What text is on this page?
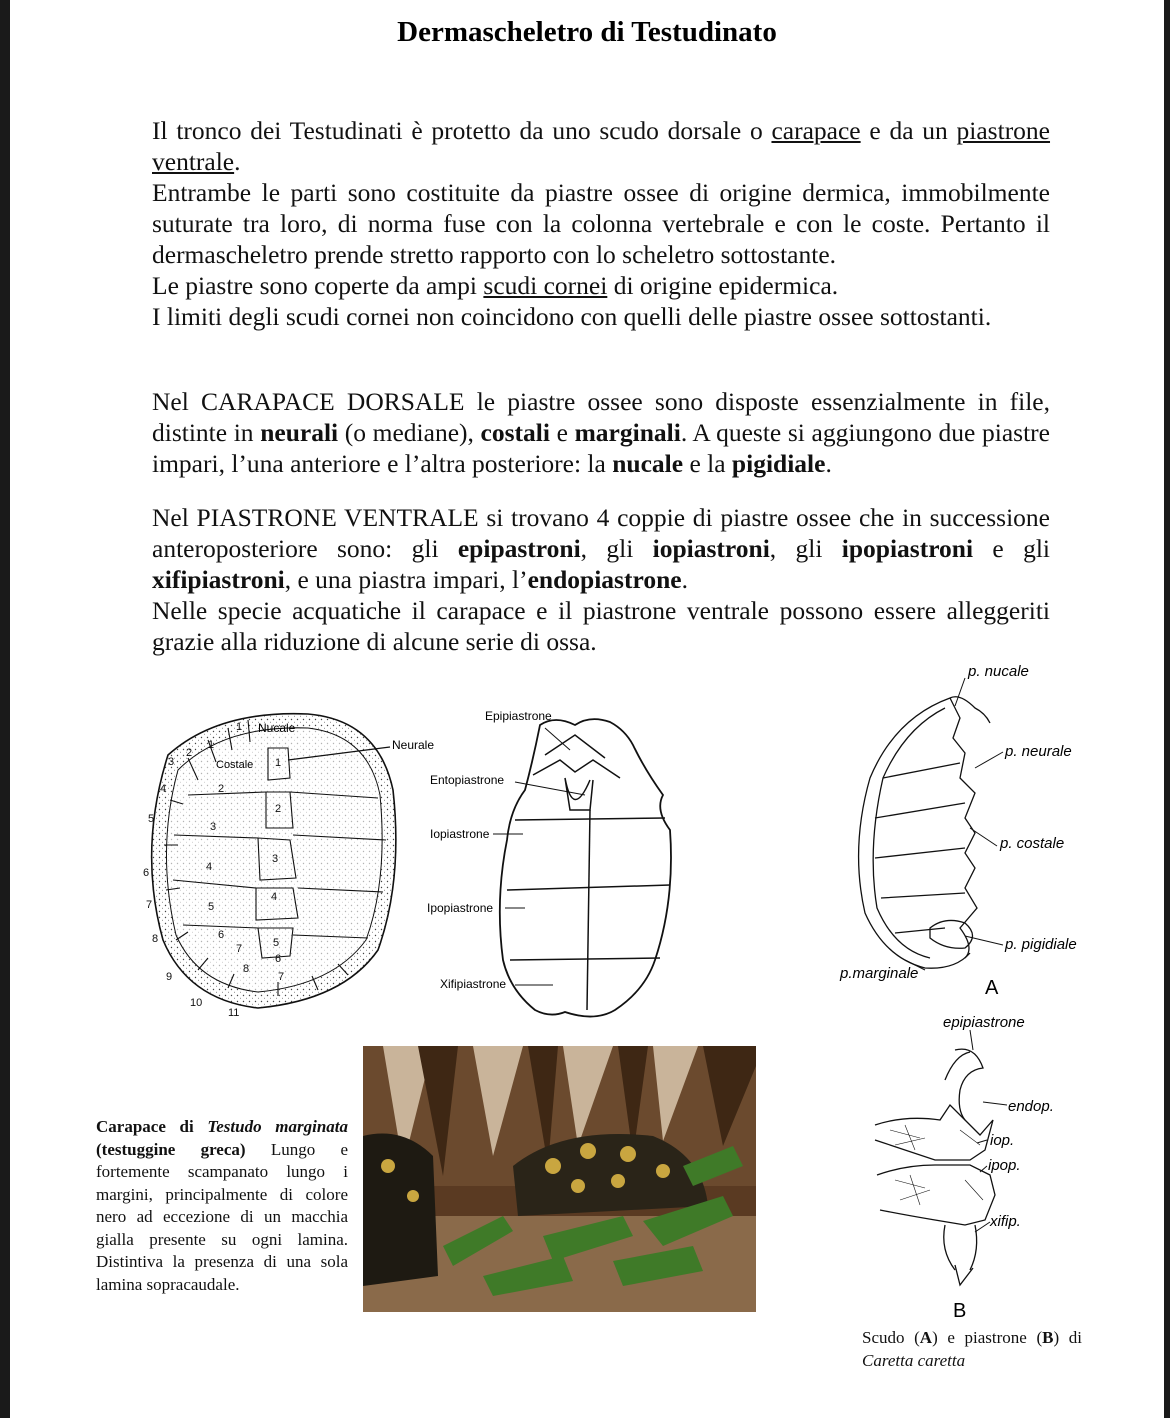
Dermascheletro di Testudinato

Il tronco dei Testudinati è protetto da uno scudo dorsale o carapace e da un piastrone ventrale.

Entrambe le parti sono costituite da piastre ossee di origine dermica, immobilmente suturate tra loro, di norma fuse con la colonna vertebrale e con le coste. Pertanto il dermascheletro prende stretto rapporto con lo scheletro sottostante.

Le piastre sono coperte da ampi scudi cornei di origine epidermica.

I limiti degli scudi cornei non coincidono con quelli delle piastre ossee sottostanti.

Nel CARAPACE DORSALE le piastre ossee sono disposte essenzialmente in file, distinte in neurali (o mediane), costali e marginali. A queste si aggiungono due piastre impari, l’una anteriore e l’altra posteriore: la nucale e la pigidiale.

Nel PIASTRONE VENTRALE si trovano 4 coppie di piastre ossee che in successione anteroposteriore sono: gli epipastroni, gli iopiastroni, gli ipopiastroni e gli xifipiastroni, e una piastra impari, l’endopiastrone.

Nelle specie acquatiche il carapace e il piastrone ventrale possono essere alleggeriti grazie alla riduzione di alcune serie di ossa.

Nucale
Costale
Neurale
1
2
3
4
5
6
7
8
1
2
3
4
5
6
7
1
2
3
4
5
6
7
8
9
10
11
Epipiastrone
Entopiastrone
Iopiastrone
Ipopiastrone
Xifipiastrone
p. nucale
p. neurale
p. costale
p. pigidiale
p.marginale
A
epipiastrone
endop.
iop.
ipop.
xifip.
B
Carapace di Testudo marginata (testuggine greca) Lungo e fortemente scampanato lungo i margini, principalmente di colore nero ad eccezione di un macchia gialla presente su ogni lamina. Distintiva la presenza di una sola lamina sopracaudale.
Scudo (A) e piastrone (B) di Caretta caretta
